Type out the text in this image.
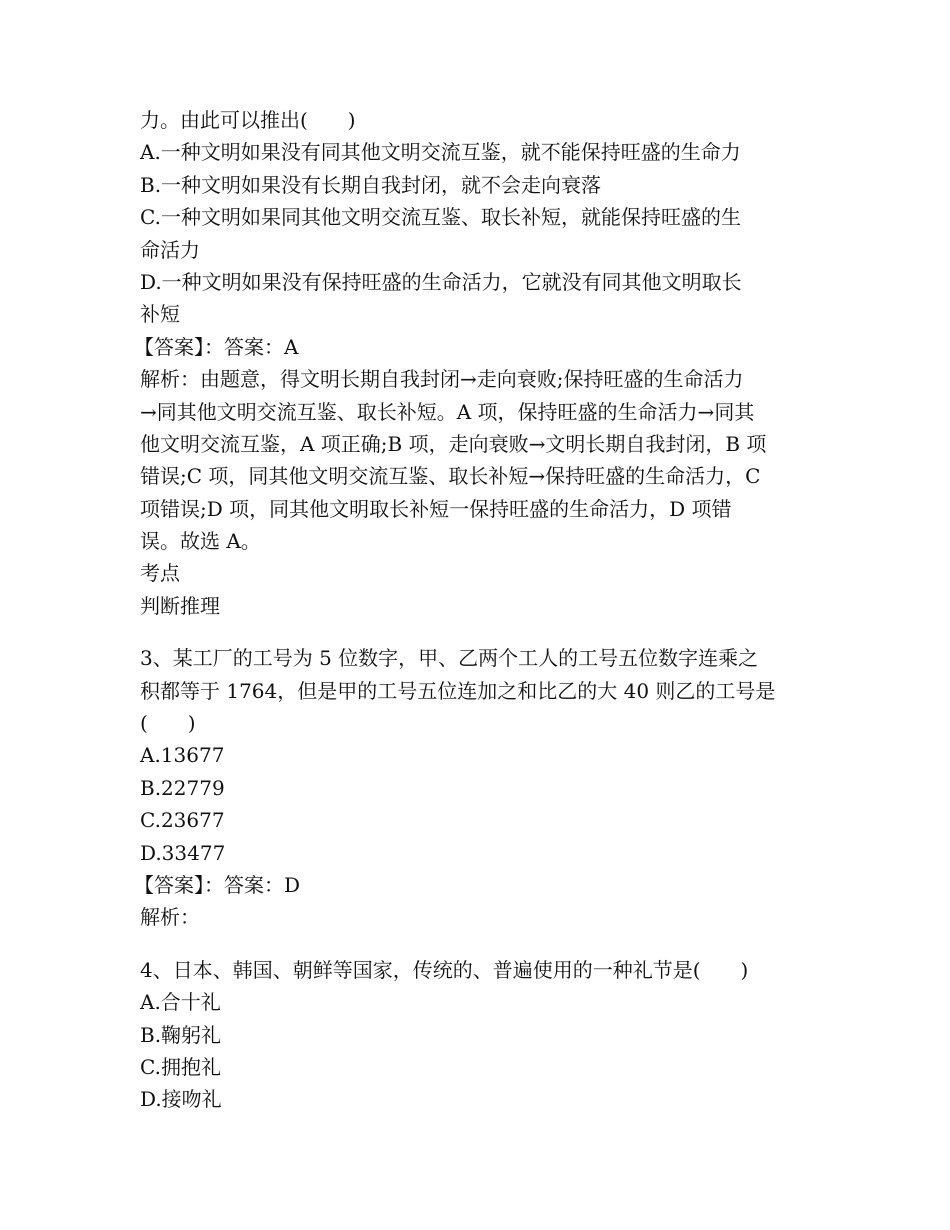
力。由此可以推出(　　)
A.一种文明如果没有同其他文明交流互鉴，就不能保持旺盛的生命力
B.一种文明如果没有长期自我封闭，就不会走向衰落
C.一种文明如果同其他文明交流互鉴、取长补短，就能保持旺盛的生
命活力
D.一种文明如果没有保持旺盛的生命活力，它就没有同其他文明取长
补短
【答案】：答案：A
解析：由题意，得文明长期自我封闭→走向衰败;保持旺盛的生命活力
→同其他文明交流互鉴、取长补短。A 项，保持旺盛的生命活力→同其
他文明交流互鉴，A 项正确;B 项，走向衰败→文明长期自我封闭，B 项
错误;C 项，同其他文明交流互鉴、取长补短→保持旺盛的生命活力，C
项错误;D 项，同其他文明取长补短一保持旺盛的生命活力，D 项错
误。故选 A。
考点
判断推理
3、某工厂的工号为 5 位数字，甲、乙两个工人的工号五位数字连乘之
积都等于 1764，但是甲的工号五位连加之和比乙的大 40 则乙的工号是
(　　)
A.13677
B.22779
C.23677
D.33477
【答案】：答案：D
解析：
4、日本、韩国、朝鲜等国家，传统的、普遍使用的一种礼节是(　　)
A.合十礼
B.鞠躬礼
C.拥抱礼
D.接吻礼
